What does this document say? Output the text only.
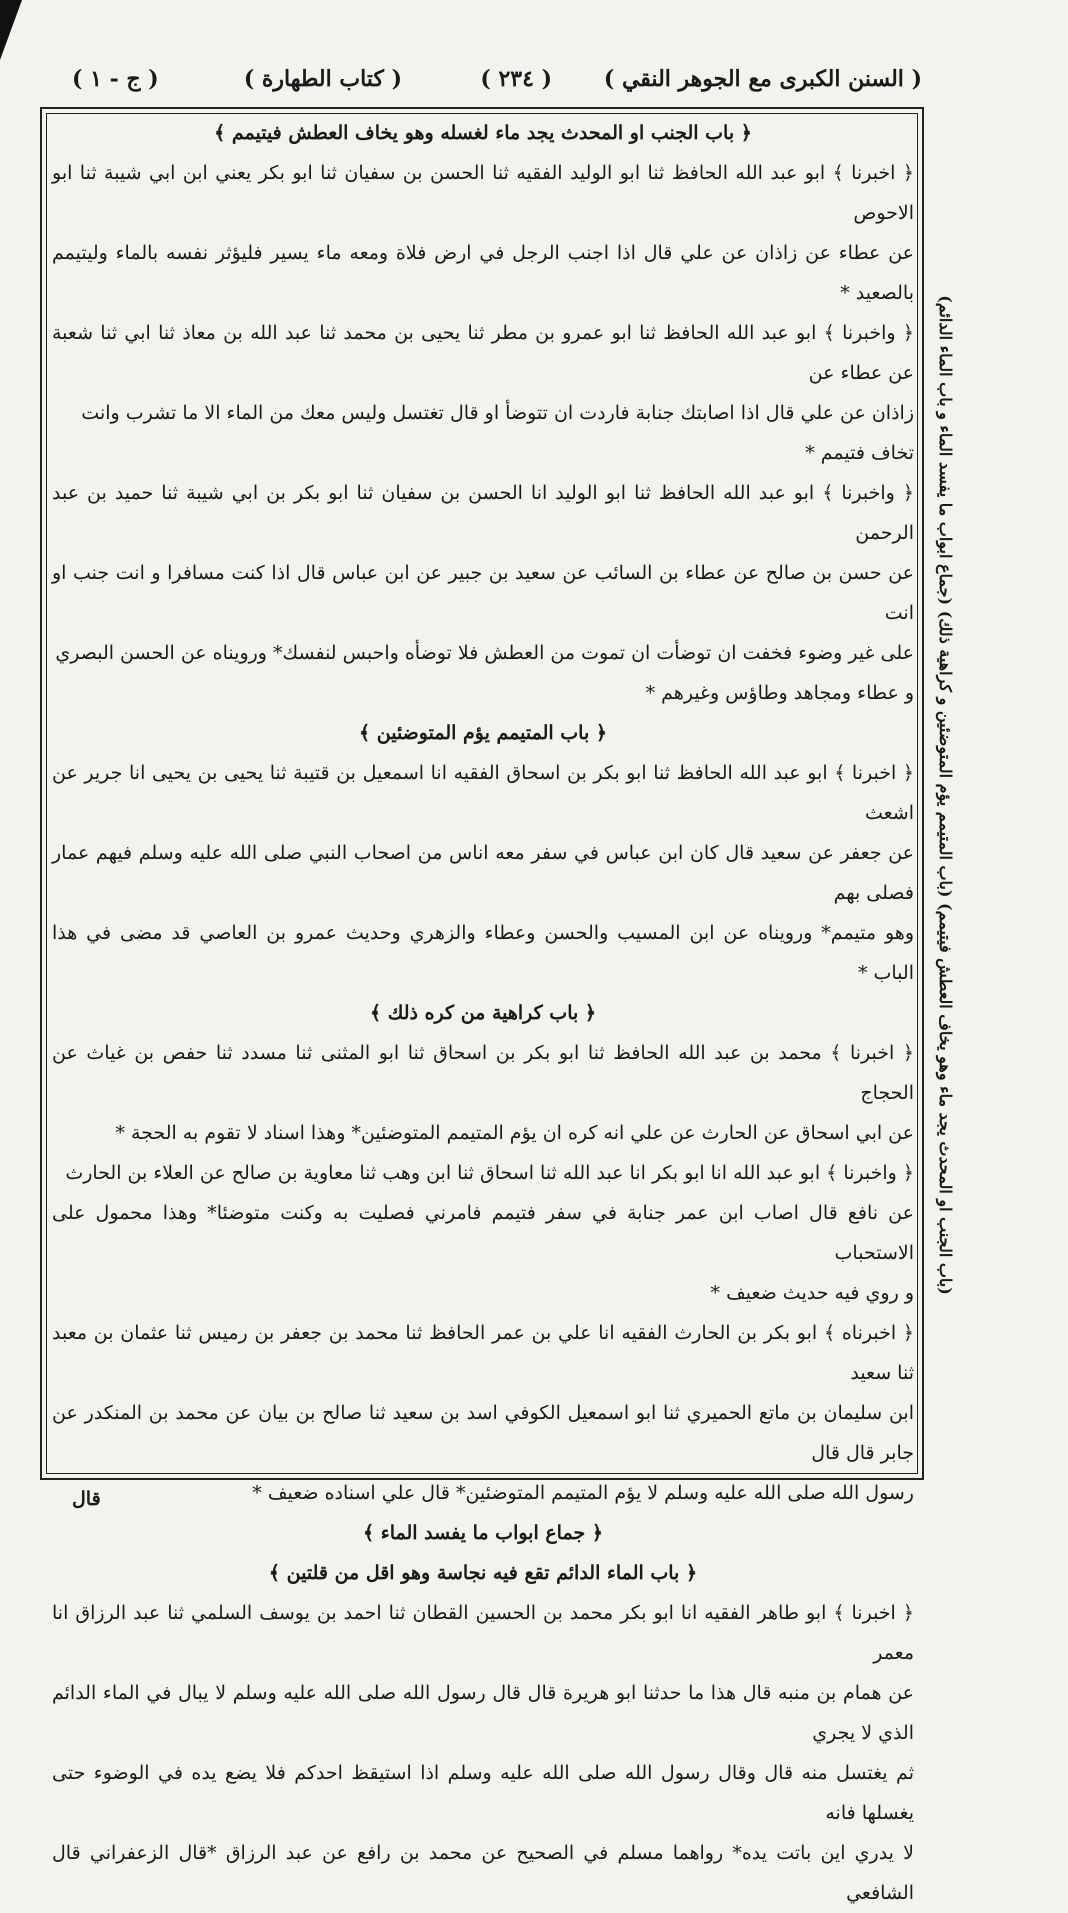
( السنن الكبرى مع الجوهر النقي )
( ٢٣٤ )
( كتاب الطهارة )
( ج - ١ )
(باب الجنب او المحدث يجد ماء وهو يخاف العطش فيتيمم) (باب المتيمم يؤم المتوضئين و كراهية ذلك) (جماع ابواب ما يفسد الماء و باب الماء الدائم)

﴿ باب الجنب او المحدث يجد ماء لغسله وهو يخاف العطش فيتيمم ﴾

﴿ اخبرنا ﴾ ابو عبد الله الحافظ ثنا ابو الوليد الفقيه ثنا الحسن بن سفيان ثنا ابو بكر يعني ابن ابي شيبة ثنا ابو الاحوص

عن عطاء عن زاذان عن علي قال اذا اجنب الرجل في ارض فلاة ومعه ماء يسير فليؤثر نفسه بالماء وليتيمم بالصعيد *

﴿ واخبرنا ﴾ ابو عبد الله الحافظ ثنا ابو عمرو بن مطر ثنا يحيى بن محمد ثنا عبد الله بن معاذ ثنا ابي ثنا شعبة عن عطاء عن

زاذان عن علي قال اذا اصابتك جنابة فاردت ان تتوضأ او قال تغتسل وليس معك من الماء الا ما تشرب وانت

تخاف فتيمم *

﴿ واخبرنا ﴾ ابو عبد الله الحافظ ثنا ابو الوليد انا الحسن بن سفيان ثنا ابو بكر بن ابي شيبة ثنا حميد بن عبد الرحمن

عن حسن بن صالح عن عطاء بن السائب عن سعيد بن جبير عن ابن عباس قال اذا كنت مسافرا و انت جنب او انت

على غير وضوء فخفت ان توضأت ان تموت من العطش فلا توضأه واحبس لنفسك* ورويناه عن الحسن البصري

و عطاء ومجاهد وطاؤس وغيرهم *

﴿ باب المتيمم يؤم المتوضئين ﴾

﴿ اخبرنا ﴾ ابو عبد الله الحافظ ثنا ابو بكر بن اسحاق الفقيه انا اسمعيل بن قتيبة ثنا يحيى بن يحيى انا جرير عن اشعث

عن جعفر عن سعيد قال كان ابن عباس في سفر معه اناس من اصحاب النبي صلى الله عليه وسلم فيهم عمار فصلى بهم

وهو متيمم* ورويناه عن ابن المسيب والحسن وعطاء والزهري وحديث عمرو بن العاصي قد مضى في هذا الباب *

﴿ باب كراهية من كره ذلك ﴾

﴿ اخبرنا ﴾ محمد بن عبد الله الحافظ ثنا ابو بكر بن اسحاق ثنا ابو المثنى ثنا مسدد ثنا حفص بن غياث عن الحجاج

عن ابي اسحاق عن الحارث عن علي انه كره ان يؤم المتيمم المتوضئين* وهذا اسناد لا تقوم به الحجة *

﴿ واخبرنا ﴾ ابو عبد الله انا ابو بكر انا عبد الله ثنا اسحاق ثنا ابن وهب ثنا معاوية بن صالح عن العلاء بن الحارث

عن نافع قال اصاب ابن عمر جنابة في سفر فتيمم فامرني فصليت به وكنت متوضئا* وهذا محمول على الاستحباب

و روي فيه حديث ضعيف *

﴿ اخبرناه ﴾ ابو بكر بن الحارث الفقيه انا علي بن عمر الحافظ ثنا محمد بن جعفر بن رميس ثنا عثمان بن معبد ثنا سعيد

ابن سليمان بن ماتع الحميري ثنا ابو اسمعيل الكوفي اسد بن سعيد ثنا صالح بن بيان عن محمد بن المنكدر عن جابر قال قال

رسول الله صلى الله عليه وسلم لا يؤم المتيمم المتوضئين* قال علي اسناده ضعيف *

﴿ جماع ابواب ما يفسد الماء ﴾

﴿ باب الماء الدائم تقع فيه نجاسة وهو اقل من قلتين ﴾

﴿ اخبرنا ﴾ ابو طاهر الفقيه انا ابو بكر محمد بن الحسين القطان ثنا احمد بن يوسف السلمي ثنا عبد الرزاق انا معمر

عن همام بن منبه قال هذا ما حدثنا ابو هريرة قال قال رسول الله صلى الله عليه وسلم لا يبال في الماء الدائم الذي لا يجري

ثم يغتسل منه قال وقال رسول الله صلى الله عليه وسلم اذا استيقظ احدكم فلا يضع يده في الوضوء حتى يغسلها فانه

لا يدري اين باتت يده* رواهما مسلم في الصحيح عن محمد بن رافع عن عبد الرزاق *قال الزعفراني قال الشافعي

قال
